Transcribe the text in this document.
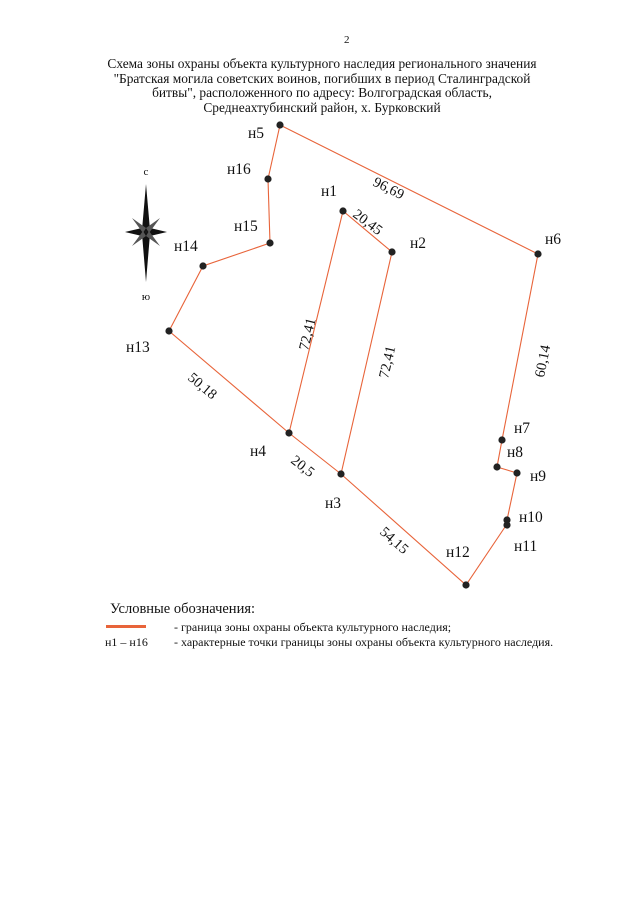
2
Схема зоны охраны объекта культурного наследия регионального значения
"Братская могила советских воинов, погибших в период Сталинградской
битвы", расположенного по адресу: Волгоградская область,
Среднеахтубинский район, х. Бурковский
с
ю
н1
н2
н3
н4
н5
н6
н7
н8
н9
н10
н11
н12
н13
н14
н15
н16
96,69
20,45
72,41
72,41	60,14
50,18
20,5
54,15
Условные обозначения:
- граница зоны охраны объекта культурного наследия;
н1 – н16 - характерные точки границы зоны охраны объекта культурного наследия.
